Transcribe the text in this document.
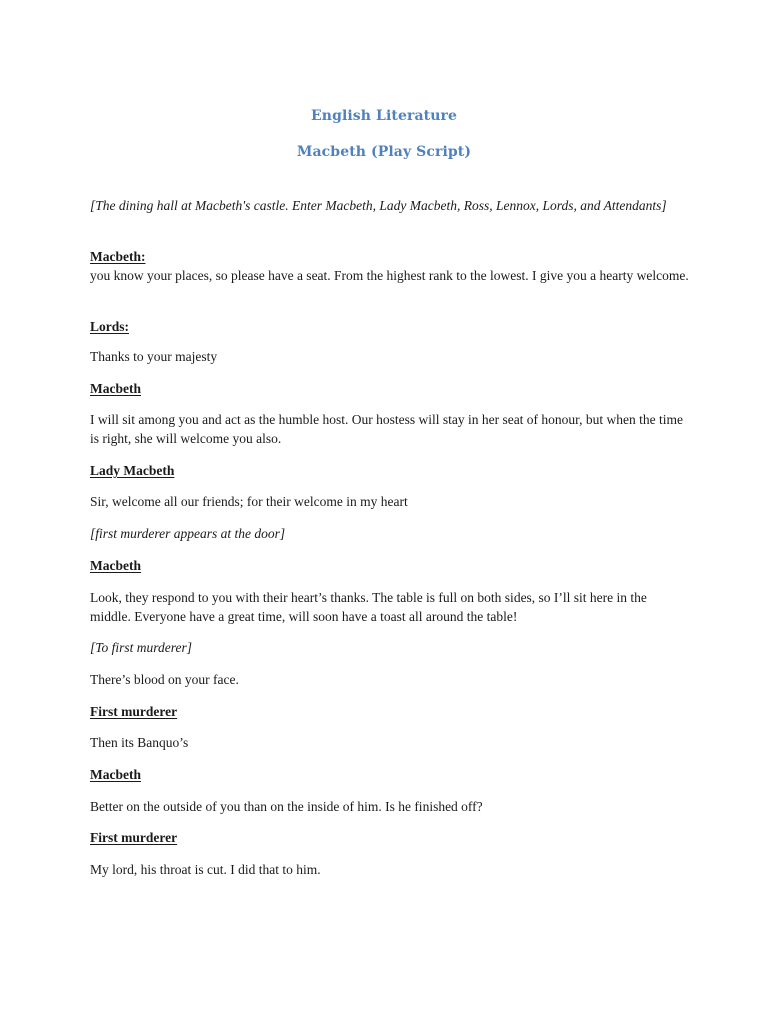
English Literature
Macbeth (Play Script)
[The dining hall at Macbeth's castle. Enter Macbeth, Lady Macbeth, Ross, Lennox, Lords, and Attendants]
Macbeth:
you know your places, so please have a seat. From the highest rank to the lowest. I give you a hearty welcome.
Lords:
Thanks to your majesty
Macbeth
I will sit among you and act as the humble host. Our hostess will stay in her seat of honour, but when the time is right, she will welcome you also.
Lady Macbeth
Sir, welcome all our friends; for their welcome in my heart
[first murderer appears at the door]
Macbeth
Look, they respond to you with their heart’s thanks. The table is full on both sides, so I’ll sit here in the middle. Everyone have a great time, will soon have a toast all around the table!
[To first murderer]
There’s blood on your face.
First murderer
Then its Banquo’s
Macbeth
Better on the outside of you than on the inside of him. Is he finished off?
First murderer
My lord, his throat is cut. I did that to him.
